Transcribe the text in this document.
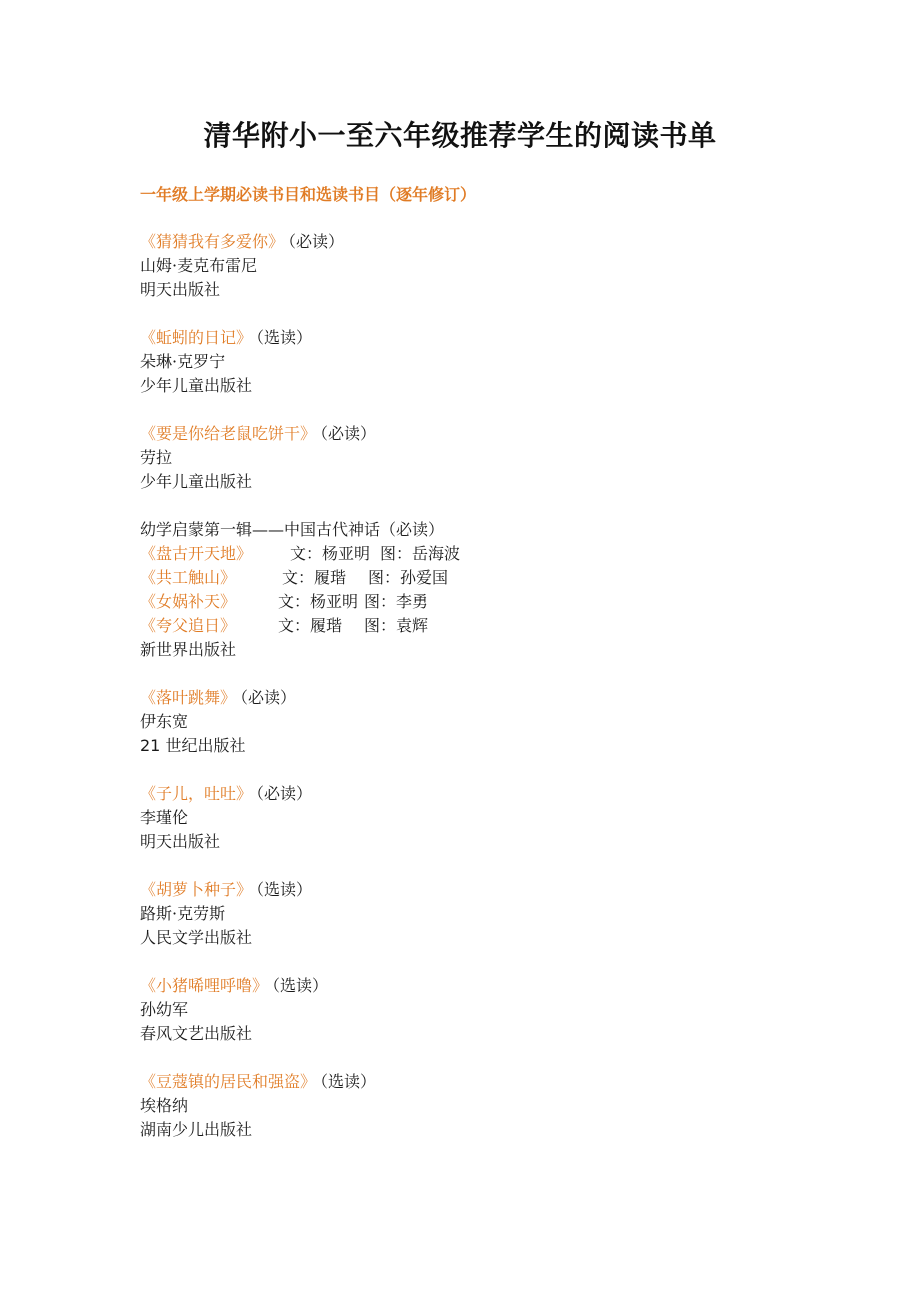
清华附小一至六年级推荐学生的阅读书单
一年级上学期必读书目和选读书目（逐年修订）
《猜猜我有多爱你》 （必读）
山姆·麦克布雷尼
明天出版社
《蚯蚓的日记》 （选读）
朵琳·克罗宁
少年儿童出版社
《要是你给老鼠吃饼干》 （必读）
劳拉
少年儿童出版社
幼学启蒙第一辑——中国古代神话（必读）
《盘古开天地》 文：杨亚明 图：岳海波
《共工触山》	文：履瑎 图：孙爱国
《女娲补天》	文：杨亚明 图：李勇
《夸父追日》	文：履瑎 图：袁辉
新世界出版社
《落叶跳舞》 （必读）
伊东宽
21 世纪出版社
《子儿，吐吐》 （必读）
李瑾伦
明天出版社
《胡萝卜种子》 （选读）
路斯·克劳斯
人民文学出版社
《小猪唏哩呼噜》 （选读）
孙幼军
春风文艺出版社
《豆蔻镇的居民和强盗》 （选读）
埃格纳
湖南少儿出版社
